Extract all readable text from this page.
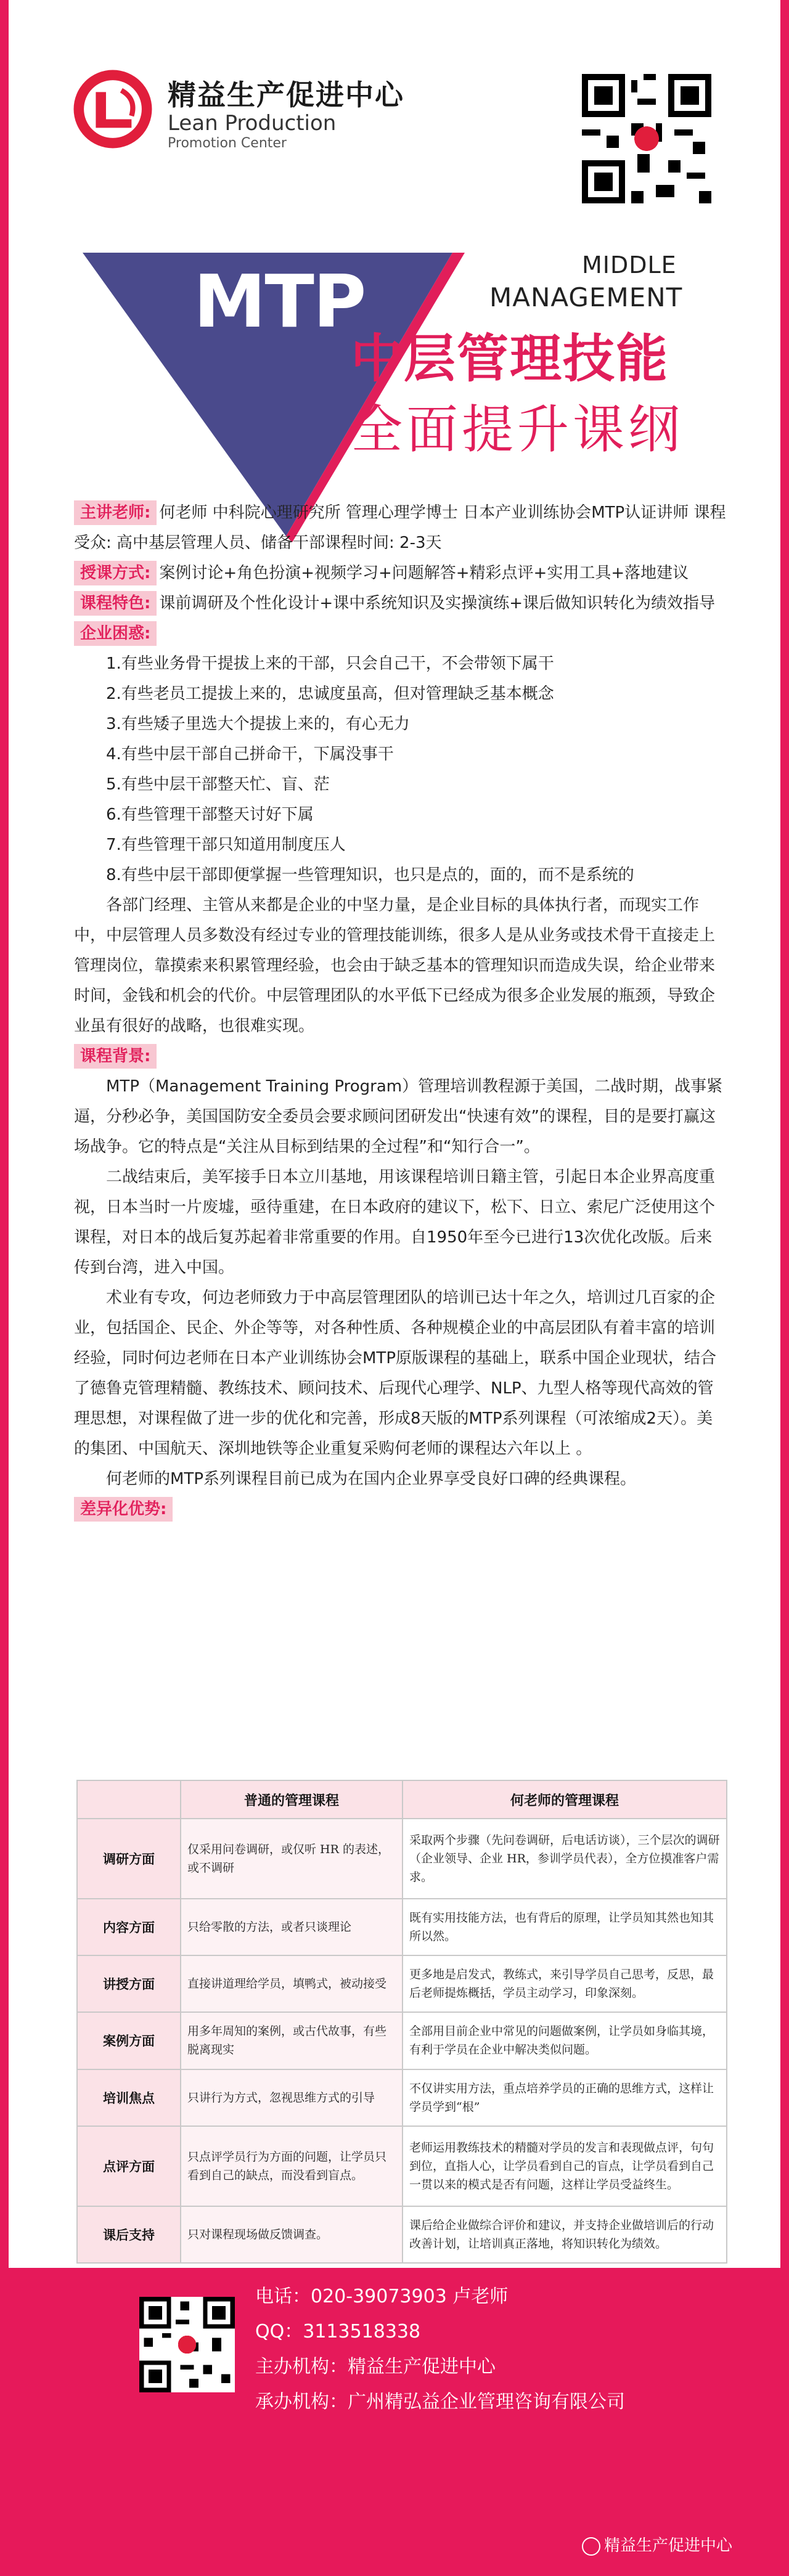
精益生产促进中心
Lean Production
Promotion Center
MTP	MIDDLE
MANAGEMENT
中层管理技能
全面提升课纲
主讲老师: 何老师 中科院心理研究所 管理心理学博士 日本产业训练协会MTP认证讲师 课程受众: 高中基层管理人员、储备干部课程时间: 2-3天
授课方式: 案例讨论+角色扮演+视频学习+问题解答+精彩点评+实用工具+落地建议
课程特色: 课前调研及个性化设计+课中系统知识及实操演练+课后做知识转化为绩效指导
企业困惑:
1.有些业务骨干提拔上来的干部，只会自己干，不会带领下属干
2.有些老员工提拔上来的，忠诚度虽高，但对管理缺乏基本概念
3.有些矮子里选大个提拔上来的，有心无力
4.有些中层干部自己拼命干，下属没事干
5.有些中层干部整天忙、盲、茫
6.有些管理干部整天讨好下属
7.有些管理干部只知道用制度压人
8.有些中层干部即便掌握一些管理知识，也只是点的，面的，而不是系统的
各部门经理、主管从来都是企业的中坚力量，是企业目标的具体执行者，而现实工作中，中层管理人员多数没有经过专业的管理技能训练，很多人是从业务或技术骨干直接走上管理岗位，靠摸索来积累管理经验，也会由于缺乏基本的管理知识而造成失误，给企业带来时间，金钱和机会的代价。中层管理团队的水平低下已经成为很多企业发展的瓶颈，导致企业虽有很好的战略，也很难实现。
课程背景:
MTP（Management Training Program）管理培训教程源于美国，二战时期，战事紧逼，分秒必争，美国国防安全委员会要求顾问团研发出“快速有效”的课程，目的是要打赢这场战争。它的特点是“关注从目标到结果的全过程”和“知行合一”。
二战结束后，美军接手日本立川基地，用该课程培训日籍主管，引起日本企业界高度重视，日本当时一片废墟，亟待重建，在日本政府的建议下，松下、日立、索尼广泛使用这个课程，对日本的战后复苏起着非常重要的作用。自1950年至今已进行13次优化改版。后来传到台湾，进入中国。
术业有专攻，何边老师致力于中高层管理团队的培训已达十年之久，培训过几百家的企业，包括国企、民企、外企等等，对各种性质、各种规模企业的中高层团队有着丰富的培训经验，同时何边老师在日本产业训练协会MTP原版课程的基础上，联系中国企业现状，结合了德鲁克管理精髓、教练技术、顾问技术、后现代心理学、NLP、九型人格等现代高效的管理思想，对课程做了进一步的优化和完善，形成8天版的MTP系列课程（可浓缩成2天）。美的集团、中国航天、深圳地铁等企业重复采购何老师的课程达六年以上 。
何老师的MTP系列课程目前已成为在国内企业界享受良好口碑的经典课程。
差异化优势:
	普通的管理课程	何老师的管理课程
调研方面	仅采用问卷调研，或仅听 HR 的表述，或不调研	采取两个步骤（先问卷调研，后电话访谈），三个层次的调研（企业领导、企业 HR，参训学员代表），全方位摸准客户需求。
内容方面	只给零散的方法，或者只谈理论	既有实用技能方法，也有背后的原理，让学员知其然也知其所以然。
讲授方面	直接讲道理给学员，填鸭式，被动接受	更多地是启发式，教练式，来引导学员自己思考，反思，最后老师提炼概括，学员主动学习，印象深刻。
案例方面	用多年周知的案例，或古代故事，有些脱离现实	全部用目前企业中常见的问题做案例，让学员如身临其境，有利于学员在企业中解决类似问题。
培训焦点	只讲行为方式，忽视思维方式的引导	不仅讲实用方法，重点培养学员的正确的思维方式，这样让学员学到“根”
点评方面	只点评学员行为方面的问题，让学员只看到自己的缺点，而没看到盲点。	老师运用教练技术的精髓对学员的发言和表现做点评，句句到位，直指人心，让学员看到自己的盲点，让学员看到自己一贯以来的模式是否有问题，这样让学员受益终生。
课后支持	只对课程现场做反馈调查。	课后给企业做综合评价和建议，并支持企业做培训后的行动改善计划，让培训真正落地，将知识转化为绩效。
电话：020-39073903 卢老师
QQ：3113518338
主办机构：精益生产促进中心
承办机构：广州精弘益企业管理咨询有限公司
精益生产促进中心
